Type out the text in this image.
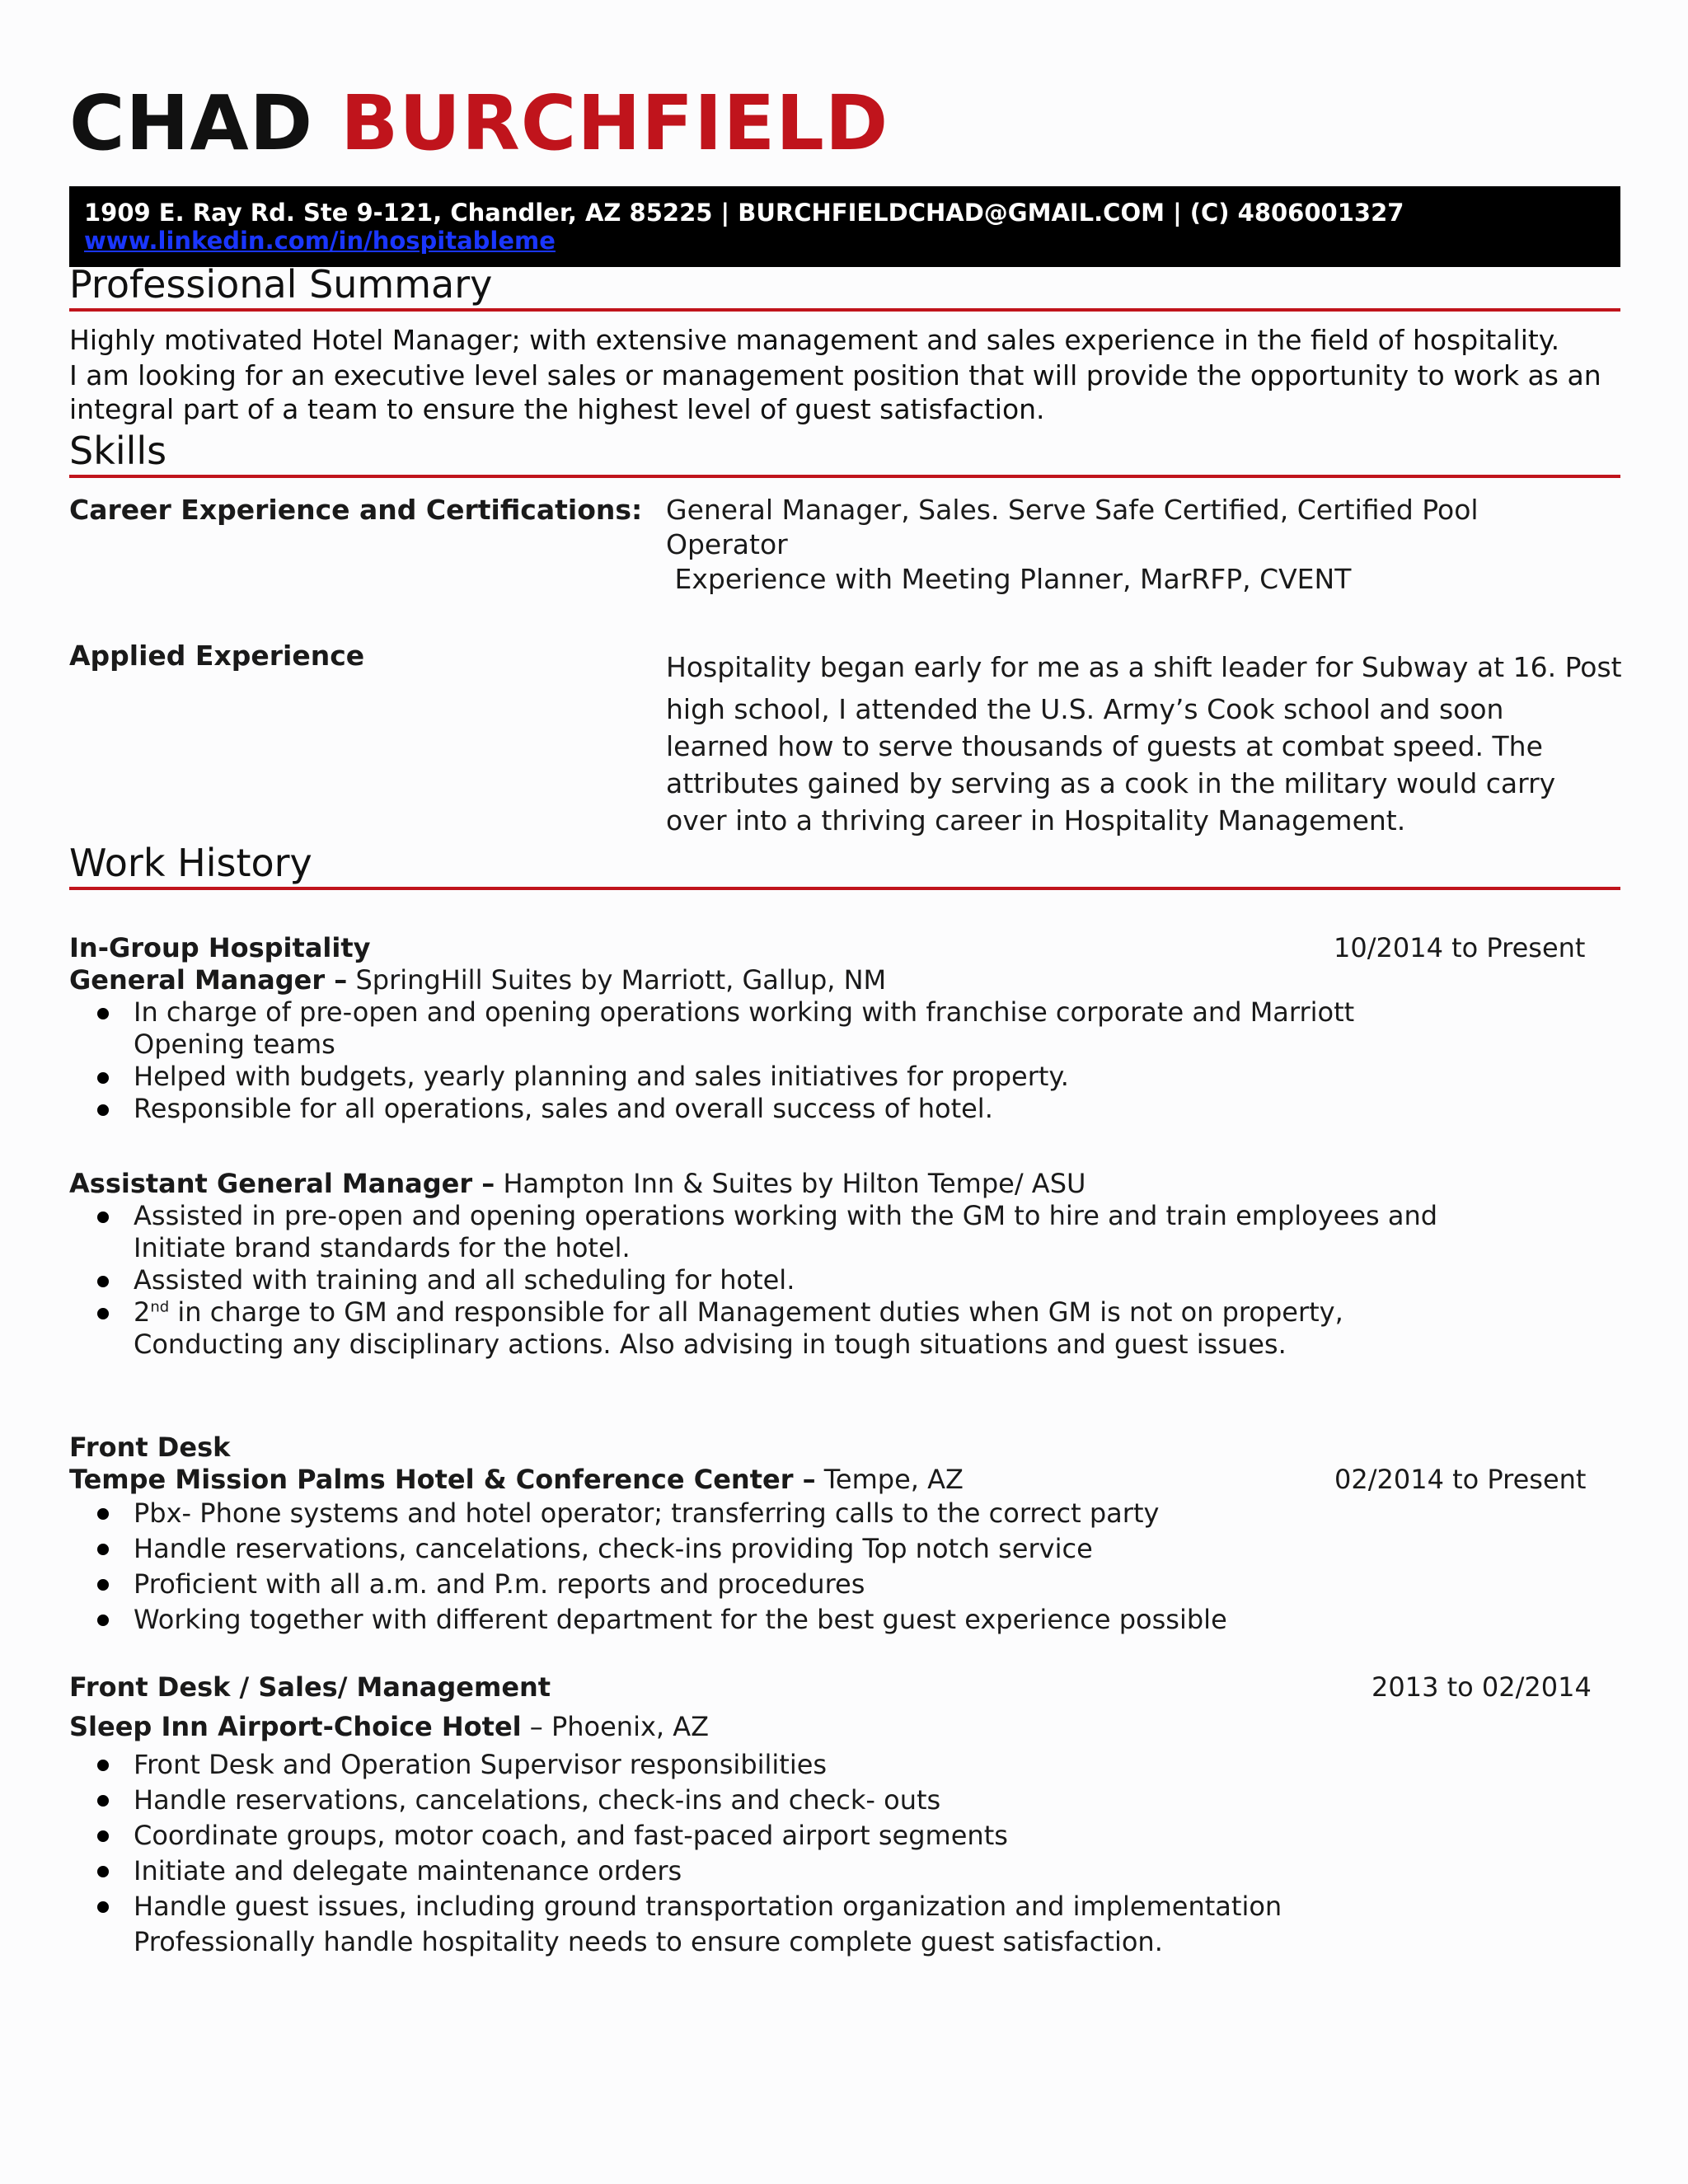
CHAD BURCHFIELD
1909 E. Ray Rd. Ste 9-121, Chandler, AZ 85225 | BURCHFIELDCHAD@GMAIL.COM | (C) 4806001327
www.linkedin.com/in/hospitableme
Professional Summary

Highly motivated Hotel Manager; with extensive management and sales experience in the field of hospitality.

I am looking for an executive level sales or management position that will provide the opportunity to work as an

integral part of a team to ensure the highest level of guest satisfaction.

Skills
Career Experience and Certifications: General Manager, Sales. Serve Safe Certified, Certified Pool

Operator

Experience with Meeting Planner, MarRFP, CVENT

Applied Experience	Hospitality began early for me as a shift leader for Subway at 16. Post

high school, I attended the U.S. Army’s Cook school and soon

learned how to serve thousands of guests at combat speed. The

attributes gained by serving as a cook in the military would carry

over into a thriving career in Hospitality Management.

Work History
In-Group Hospitality	10/2014 to Present
General Manager – SpringHill Suites by Marriott, Gallup, NM
In charge of pre-open and opening operations working with franchise corporate and Marriott
Opening teams
Helped with budgets, yearly planning and sales initiatives for property.
Responsible for all operations, sales and overall success of hotel.
Assistant General Manager – Hampton Inn & Suites by Hilton Tempe/ ASU
Assisted in pre-open and opening operations working with the GM to hire and train employees and
Initiate brand standards for the hotel.
Assisted with training and all scheduling for hotel.
2nd in charge to GM and responsible for all Management duties when GM is not on property,
Conducting any disciplinary actions. Also advising in tough situations and guest issues.
Front Desk
Tempe Mission Palms Hotel & Conference Center – Tempe, AZ	02/2014 to Present
Pbx- Phone systems and hotel operator; transferring calls to the correct party
Handle reservations, cancelations, check-ins providing Top notch service
Proficient with all a.m. and P.m. reports and procedures
Working together with different department for the best guest experience possible
Front Desk / Sales/ Management	2013 to 02/2014
Sleep Inn Airport-Choice Hotel – Phoenix, AZ
Front Desk and Operation Supervisor responsibilities
Handle reservations, cancelations, check-ins and check- outs
Coordinate groups, motor coach, and fast-paced airport segments
Initiate and delegate maintenance orders
Handle guest issues, including ground transportation organization and implementation
Professionally handle hospitality needs to ensure complete guest satisfaction.
